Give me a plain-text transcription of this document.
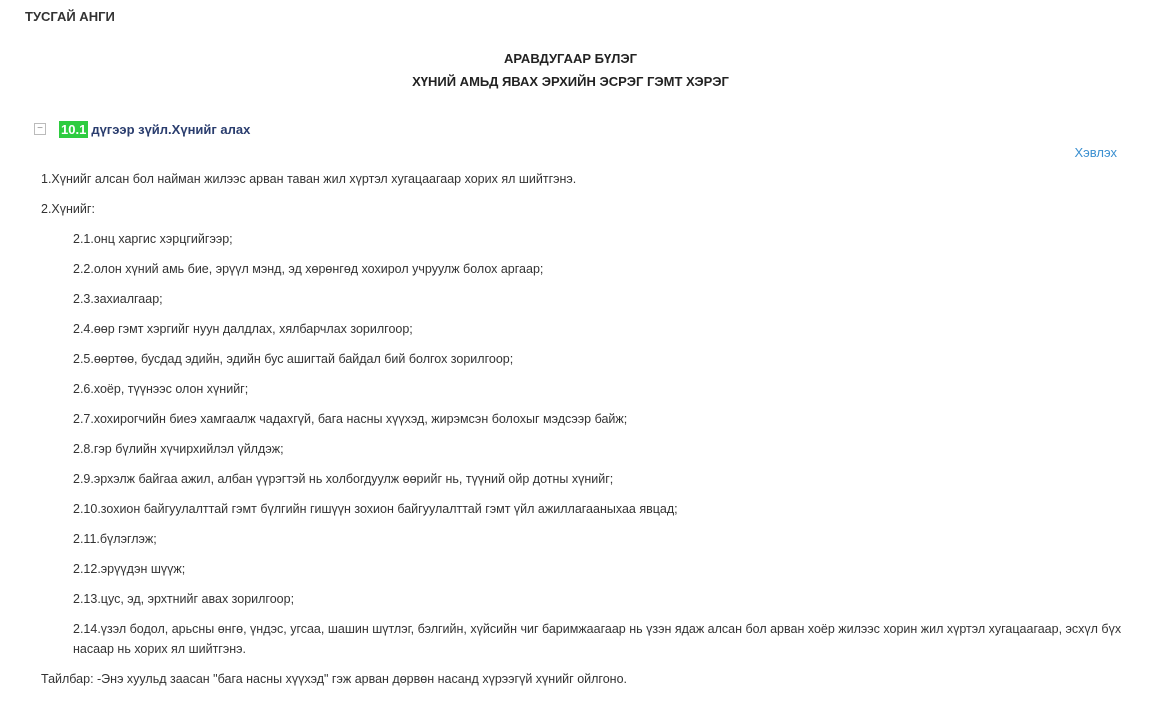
ТУСГАЙ АНГИ
АРАВДУГААР БҮЛЭГ
ХҮНИЙ АМЬД ЯВАХ ЭРХИЙН ЭСРЭГ ГЭМТ ХЭРЭГ
− 10.1 дүгээр зүйл.Хүнийг алах
Хэвлэх
1.Хүнийг алсан бол найман жилээс арван таван жил хүртэл хугацаагаар хорих ял шийтгэнэ.
2.Хүнийг:
2.1.онц харгис хэрцгийгээр;
2.2.олон хүний амь бие, эрүүл мэнд, эд хөрөнгөд хохирол учруулж болох аргаар;
2.3.захиалгаар;
2.4.өөр гэмт хэргийг нуун далдлах, хялбарчлах зорилгоор;
2.5.өөртөө, бусдад эдийн, эдийн бус ашигтай байдал бий болгох зорилгоор;
2.6.хоёр, түүнээс олон хүнийг;
2.7.хохирогчийн биеэ хамгаалж чадахгүй, бага насны хүүхэд, жирэмсэн болохыг мэдсээр байж;
2.8.гэр бүлийн хүчирхийлэл үйлдэж;
2.9.эрхэлж байгаа ажил, албан үүрэгтэй нь холбогдуулж өөрийг нь, түүний ойр дотны хүнийг;
2.10.зохион байгуулалттай гэмт бүлгийн гишүүн зохион байгуулалттай гэмт үйл ажиллагааныхаа явцад;
2.11.бүлэглэж;
2.12.эрүүдэн шүүж;
2.13.цус, эд, эрхтнийг авах зорилгоор;
2.14.үзэл бодол, арьсны өнгө, үндэс, угсаа, шашин шүтлэг, бэлгийн, хүйсийн чиг баримжаагаар нь үзэн ядаж алсан бол арван хоёр жилээс хорин жил хүртэл хугацаагаар, эсхүл бүх насаар нь хорих ял шийтгэнэ.
Тайлбар: -Энэ хуульд заасан "бага насны хүүхэд" гэж арван дөрвөн насанд хүрээгүй хүнийг ойлгоно.
